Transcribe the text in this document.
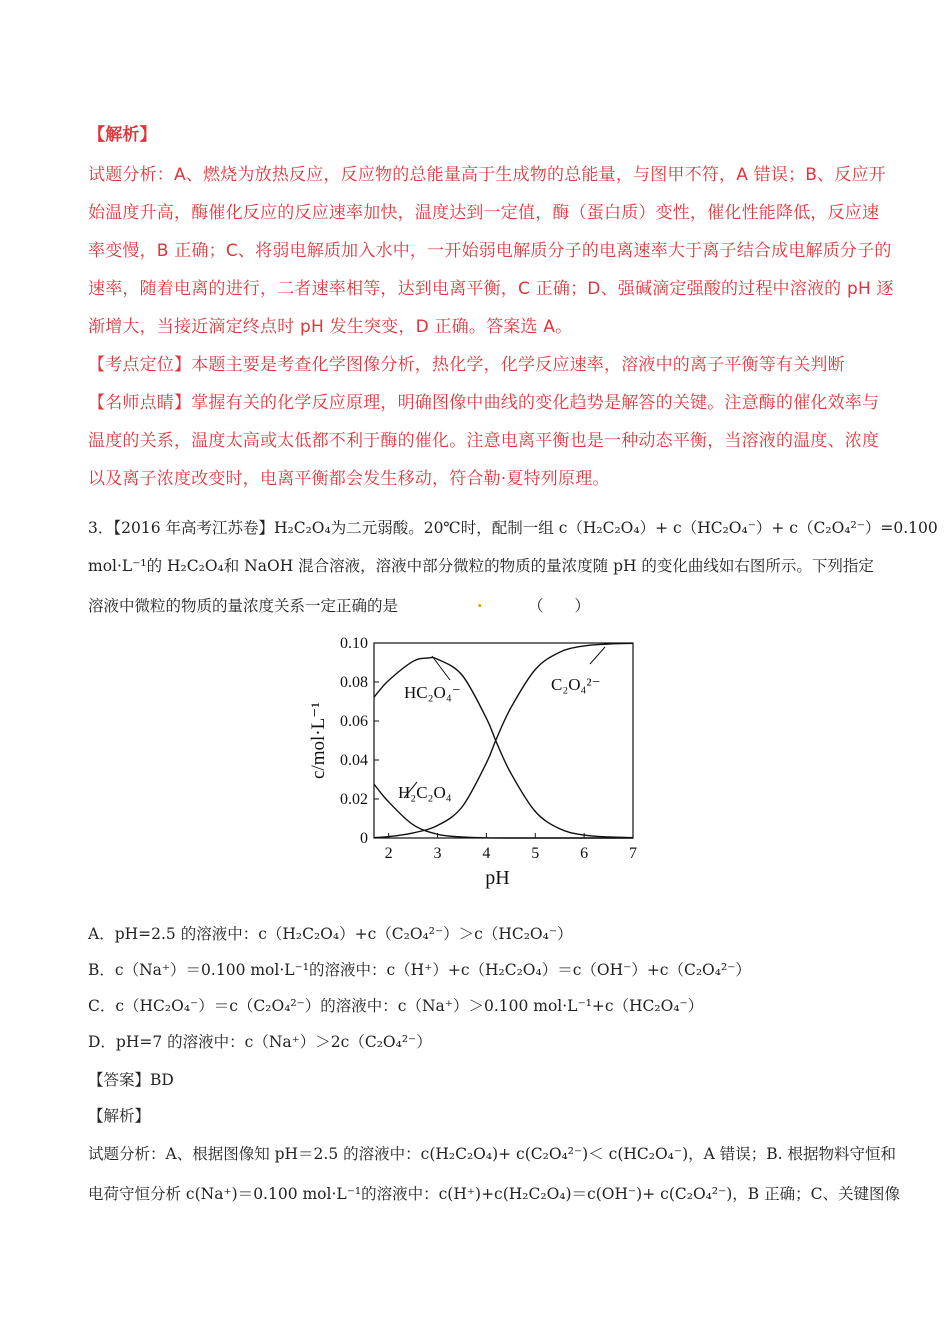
【解析】
试题分析：A、燃烧为放热反应，反应物的总能量高于生成物的总能量，与图甲不符，A 错误；B、反应开
始温度升高，酶催化反应的反应速率加快，温度达到一定值，酶（蛋白质）变性，催化性能降低，反应速
率变慢，B 正确；C、将弱电解质加入水中，一开始弱电解质分子的电离速率大于离子结合成电解质分子的
速率，随着电离的进行，二者速率相等，达到电离平衡，C 正确；D、强碱滴定强酸的过程中溶液的 pH 逐
渐增大，当接近滴定终点时 pH 发生突变，D 正确。答案选 A。
【考点定位】本题主要是考查化学图像分析，热化学，化学反应速率，溶液中的离子平衡等有关判断
【名师点睛】掌握有关的化学反应原理，明确图像中曲线的变化趋势是解答的关键。注意酶的催化效率与
温度的关系，温度太高或太低都不利于酶的催化。注意电离平衡也是一种动态平衡，当溶液的温度、浓度
以及离子浓度改变时，电离平衡都会发生移动，符合勒·夏特列原理。
3．【2016 年高考江苏卷】H₂C₂O₄为二元弱酸。20℃时，配制一组 c（H₂C₂O₄）+ c（HC₂O₄⁻）+ c（C₂O₄²⁻）=0.100
mol·L⁻¹的 H₂C₂O₄和 NaOH 混合溶液，溶液中部分微粒的物质的量浓度随 pH 的变化曲线如右图所示。下列指定
溶液中微粒的物质的量浓度关系一定正确的是	.	（　　）
2	3	4	5	6	7
0
0.02
0.04
0.06
0.08
0.10
pH
c/mol·L⁻¹
HC₂O₄⁻	C₂O₄²⁻
H₂C₂O₄
A．pH=2.5 的溶液中：c（H₂C₂O₄）+c（C₂O₄²⁻）＞c（HC₂O₄⁻）
B．c（Na⁺）＝0.100 mol·L⁻¹的溶液中：c（H⁺）+c（H₂C₂O₄）＝c（OH⁻）+c（C₂O₄²⁻）
C．c（HC₂O₄⁻）＝c（C₂O₄²⁻）的溶液中：c（Na⁺）＞0.100 mol·L⁻¹+c（HC₂O₄⁻）
D．pH=7 的溶液中：c（Na⁺）＞2c（C₂O₄²⁻）
【答案】BD
【解析】
试题分析：A、根据图像知 pH＝2.5 的溶液中：c(H₂C₂O₄)+ c(C₂O₄²⁻)＜ c(HC₂O₄⁻)，A 错误；B. 根据物料守恒和
电荷守恒分析 c(Na⁺)＝0.100 mol·L⁻¹的溶液中：c(H⁺)+c(H₂C₂O₄)＝c(OH⁻)+ c(C₂O₄²⁻)，B 正确；C、关键图像
